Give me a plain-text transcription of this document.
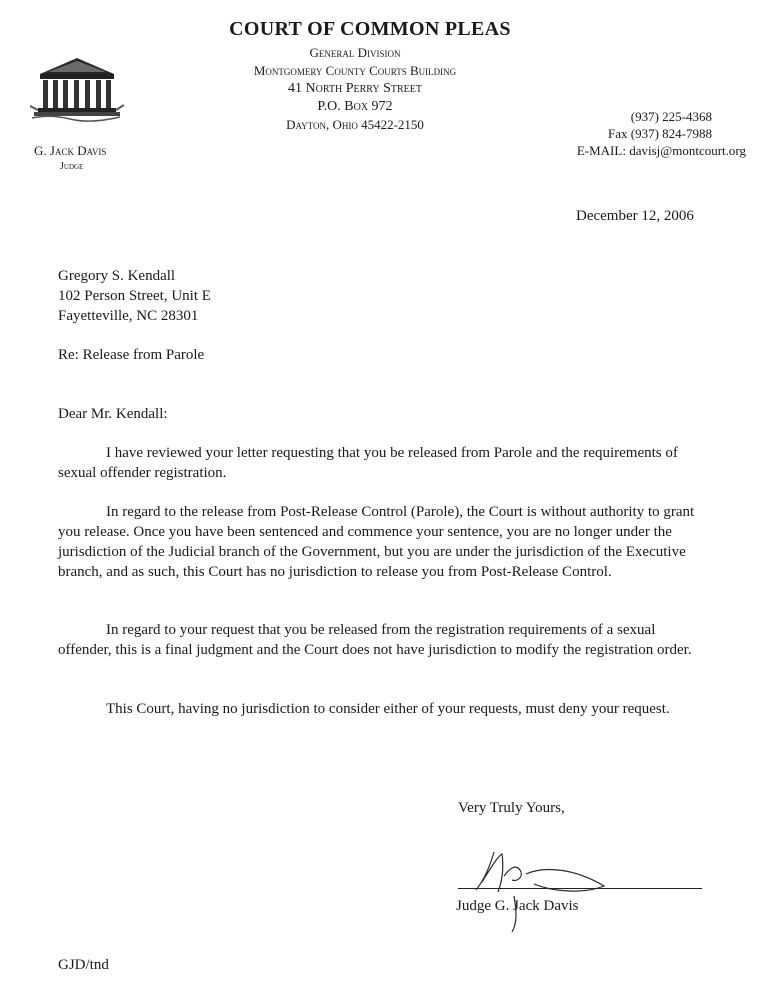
COURT OF COMMON PLEAS
General Division
Montgomery County Courts Building
41 North Perry Street
P.O. Box 972
Dayton, Ohio 45422-2150
G. Jack Davis
Judge
(937) 225-4368
Fax (937) 824-7988
E-MAIL: davisj@montcourt.org
December 12, 2006
Gregory S. Kendall
102 Person Street, Unit E
Fayetteville, NC 28301
Re: Release from Parole
Dear Mr. Kendall:
I have reviewed your letter requesting that you be released from Parole and the requirements of sexual offender registration.
In regard to the release from Post-Release Control (Parole), the Court is without authority to grant you release. Once you have been sentenced and commence your sentence, you are no longer under the jurisdiction of the Judicial branch of the Government, but you are under the jurisdiction of the Executive branch, and as such, this Court has no jurisdiction to release you from Post-Release Control.
In regard to your request that you be released from the registration requirements of a sexual offender, this is a final judgment and the Court does not have jurisdiction to modify the registration order.
This Court, having no jurisdiction to consider either of your requests, must deny your request.
Very Truly Yours,
Judge G. Jack Davis
GJD/tnd
